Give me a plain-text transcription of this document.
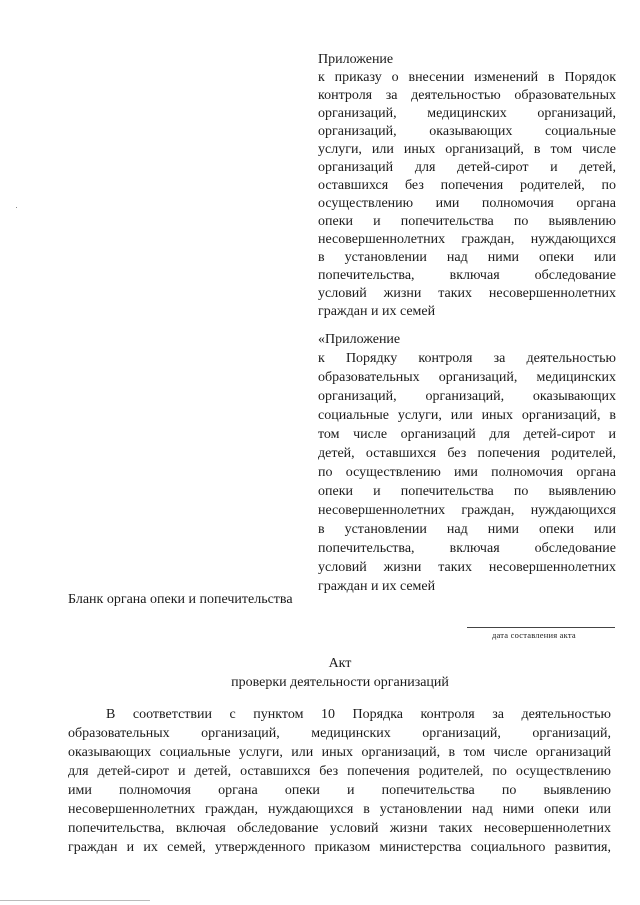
Приложение
к приказу о внесении изменений в Порядок
контроля за деятельностью образовательных
организаций, медицинских организаций,
организаций, оказывающих социальные
услуги, или иных организаций, в том числе
организаций для детей-сирот и детей,
оставшихся без попечения родителей, по
осуществлению ими полномочия органа
опеки и попечительства по выявлению
несовершеннолетних граждан, нуждающихся
в установлении над ними опеки или
попечительства, включая обследование
условий жизни таких несовершеннолетних
граждан и их семей
«Приложение
к Порядку контроля за деятельностью
образовательных организаций, медицинских
организаций, организаций, оказывающих
социальные услуги, или иных организаций, в
том числе организаций для детей-сирот и
детей, оставшихся без попечения родителей,
по осуществлению ими полномочия органа
опеки и попечительства по выявлению
несовершеннолетних граждан, нуждающихся
в установлении над ними опеки или
попечительства, включая обследование
условий жизни таких несовершеннолетних
граждан и их семей
Бланк органа опеки и попечительства
дата составления акта
Акт
проверки деятельности организаций
В соответствии с пунктом 10 Порядка контроля за деятельностью
образовательных организаций, медицинских организаций, организаций,
оказывающих социальные услуги, или иных организаций, в том числе организаций
для детей-сирот и детей, оставшихся без попечения родителей, по осуществлению
ими полномочия органа опеки и попечительства по выявлению
несовершеннолетних граждан, нуждающихся в установлении над ними опеки или
попечительства, включая обследование условий жизни таких несовершеннолетних
граждан и их семей, утвержденного приказом министерства социального развития,
